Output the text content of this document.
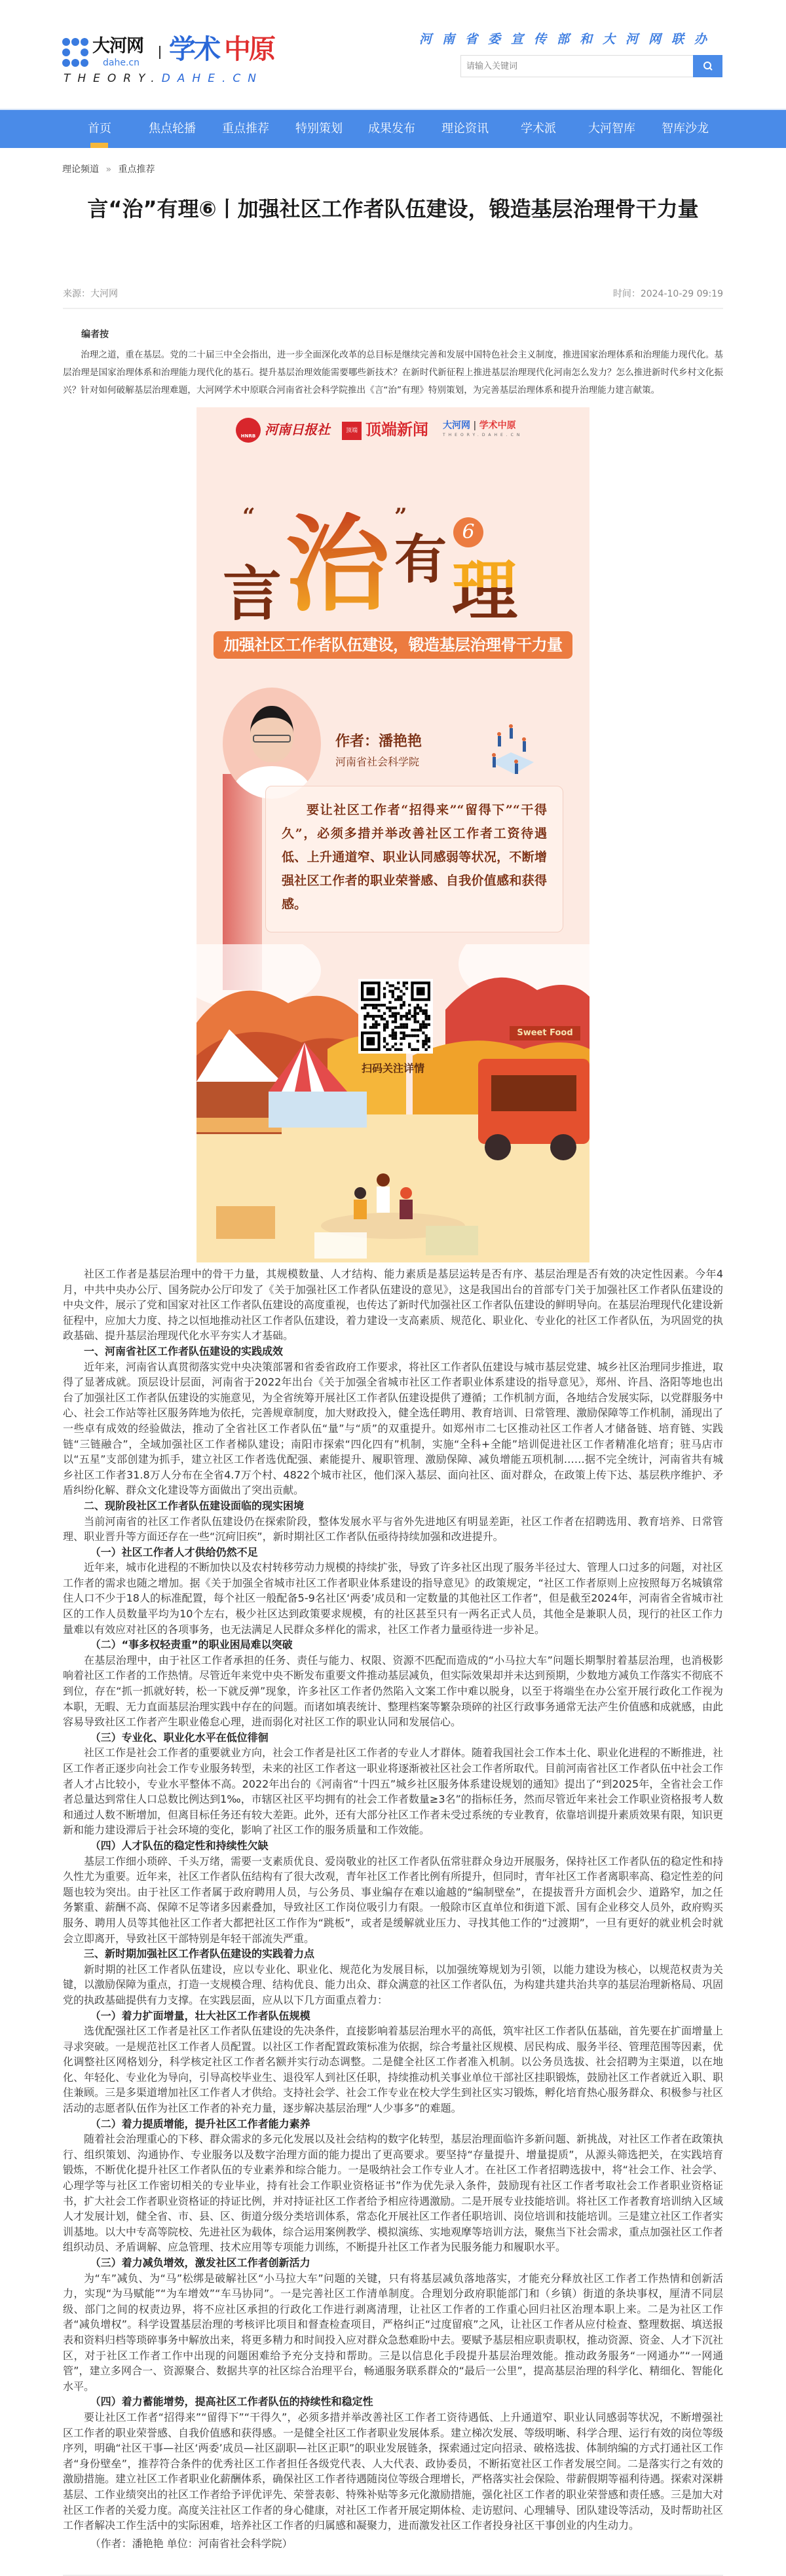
大河网
dahe.cn 学术 中原
THEORY.DAHE.CN
河南省委宣传部和大河网联办
请输入关键词
首页	焦点轮播 重点推荐 特别策划 成果发布 理论资讯	学术派	大河智库 智库沙龙
理论频道 » 重点推荐
言“治”有理⑥丨加强社区工作者队伍建设，锻造基层治理骨干力量
来源：大河网	时间：2024-10-29 09:19
编者按

治理之道，重在基层。党的二十届三中全会指出，进一步全面深化改革的总目标是继续完善和发展中国特色社会主义制度，推进国家治理体系和治理能力现代化。基层治理是国家治理体系和治理能力现代化的基石。提升基层治理效能需要哪些新技术？在新时代新征程上推进基层治理现代化河南怎么发力？怎么推进新时代乡村文化振兴？针对如何破解基层治理难题，大河网学术中原联合河南省社会科学院推出《言“治”有理》特别策划，为完善基层治理体系和提升治理能力建言献策。

HNRB 河南日报社	顶端 顶端新闻 大河网 | 学术中原
THEORY.DAHE.CN
“
言 治 ”
有 6
理
加强社区工作者队伍建设，锻造基层治理骨干力量
作者：潘艳艳
河南省社会科学院
要让社区工作者“招得来”“留得下”“干得久”，必须多措并举改善社区工作者工资待遇低、上升通道窄、职业认同感弱等状况，不断增强社区工作者的职业荣誉感、自我价值感和获得感。
扫码关注详情
Sweet Food

社区工作者是基层治理中的骨干力量，其规模数量、人才结构、能力素质是基层运转是否有序、基层治理是否有效的决定性因素。今年4月，中共中央办公厅、国务院办公厅印发了《关于加强社区工作者队伍建设的意见》，这是我国出台的首部专门关于加强社区工作者队伍建设的中央文件，展示了党和国家对社区工作者队伍建设的高度重视，也传达了新时代加强社区工作者队伍建设的鲜明导向。在基层治理现代化建设新征程中，应加大力度、持之以恒地推动社区工作者队伍建设，着力建设一支高素质、规范化、职业化、专业化的社区工作者队伍，为巩固党的执政基础、提升基层治理现代化水平夯实人才基础。

一、河南省社区工作者队伍建设的实践成效

近年来，河南省认真贯彻落实党中央决策部署和省委省政府工作要求，将社区工作者队伍建设与城市基层党建、城乡社区治理同步推进，取得了显著成就。顶层设计层面，河南省于2022年出台《关于加强全省城市社区工作者职业体系建设的指导意见》，郑州、许昌、洛阳等地也出台了加强社区工作者队伍建设的实施意见，为全省统筹开展社区工作者队伍建设提供了遵循；工作机制方面，各地结合发展实际，以党群服务中心、社会工作站等社区服务阵地为依托，完善规章制度，加大财政投入，健全选任聘用、教育培训、日常管理、激励保障等工作机制，涌现出了一些卓有成效的经验做法，推动了全省社区工作者队伍“量”与“质”的双重提升。如郑州市二七区推动社区工作者人才储备链、培育链、实践链“三链融合”，全域加强社区工作者梯队建设；南阳市探索“四化四有”机制，实施“全科+全能”培训促进社区工作者精准化培育；驻马店市以“五星”支部创建为抓手，建立社区工作者选优配强、素能提升、履职管理、激励保障、减负增能五项机制……据不完全统计，河南省共有城乡社区工作者31.8万人分布在全省4.7万个村、4822个城市社区，他们深入基层、面向社区、面对群众，在政策上传下达、基层秩序维护、矛盾纠纷化解、群众文化建设等方面做出了突出贡献。

二、现阶段社区工作者队伍建设面临的现实困境

当前河南省的社区工作者队伍建设仍在探索阶段，整体发展水平与省外先进地区有明显差距，社区工作者在招聘选用、教育培养、日常管理、职业晋升等方面还存在一些“沉疴旧疾”，新时期社区工作者队伍亟待持续加强和改进提升。

（一）社区工作者人才供给仍然不足

近年来，城市化进程的不断加快以及农村转移劳动力规模的持续扩张，导致了许多社区出现了服务半径过大、管理人口过多的问题，对社区工作者的需求也随之增加。据《关于加强全省城市社区工作者职业体系建设的指导意见》的政策规定，“社区工作者原则上应按照每万名城镇常住人口不少于18人的标准配置，每个社区一般配备5-9名社区‘两委’成员和一定数量的其他社区工作者”，但是截至2024年，河南省全省城市社区的工作人员数量平均为10个左右，极少社区达到政策要求规模，有的社区甚至只有一两名正式人员，其他全是兼职人员，现行的社区工作力量难以有效应对社区的各项事务，也无法满足人民群众多样化的需求，社区工作者力量亟待进一步补足。

（二）“事多权轻责重”的职业困局难以突破

在基层治理中，由于社区工作者承担的任务、责任与能力、权限、资源不匹配而造成的“小马拉大车”问题长期掣肘着基层治理，也消极影响着社区工作者的工作热情。尽管近年来党中央不断发布重要文件推动基层减负，但实际效果却并未达到预期，少数地方减负工作落实不彻底不到位，存在“抓一抓就好转，松一下就反弹”现象，许多社区工作者仍然陷入文案工作中难以脱身，以至于将端坐在办公室开展行政化工作视为本职，无暇、无力直面基层治理实践中存在的问题。而诸如填表统计、整理档案等繁杂琐碎的社区行政事务通常无法产生价值感和成就感，由此容易导致社区工作者产生职业倦怠心理，进而弱化对社区工作的职业认同和发展信心。

（三）专业化、职业化水平在低位徘徊

社区工作是社会工作者的重要就业方向，社会工作者是社区工作者的专业人才群体。随着我国社会工作本土化、职业化进程的不断推进，社区工作者正逐步向社会工作专业服务转型，未来的社区工作者这一职业将逐渐被社区社会工作者所取代。目前河南省社区工作者队伍中社会工作者人才占比较小，专业水平整体不高。2022年出台的《河南省“十四五”城乡社区服务体系建设规划的通知》提出了“到2025年，全省社会工作者总量达到常住人口总数比例达到1‰，市辖区社区平均拥有的社会工作者数量≥3名”的指标任务，然而尽管近年来社会工作职业资格报考人数和通过人数不断增加，但离目标任务还有较大差距。此外，还有大部分社区工作者未受过系统的专业教育，依靠培训提升素质效果有限，知识更新和能力建设滞后于社会环境的变化，影响了社区工作的服务质量和工作效能。

（四）人才队伍的稳定性和持续性欠缺

基层工作细小琐碎、千头万绪，需要一支素质优良、爱岗敬业的社区工作者队伍常驻群众身边开展服务，保持社区工作者队伍的稳定性和持久性尤为重要。近年来，社区工作者队伍结构有了很大改观，青年社区工作者比例有所提升，但同时，青年社区工作者离职率高、稳定性差的问题也较为突出。由于社区工作者属于政府聘用人员，与公务员、事业编存在难以逾越的“编制壁垒”，在提拔晋升方面机会少、道路窄，加之任务繁重、薪酬不高、保障不足等诸多因素叠加，导致社区工作岗位吸引力有限。一般除市区直单位和街道下派、国有企业移交人员外，政府购买服务、聘用人员等其他社区工作者大都把社区工作作为“跳板”，或者是缓解就业压力、寻找其他工作的“过渡期”，一旦有更好的就业机会时就会立即离开，导致社区干部特别是年轻干部流失严重。

三、新时期加强社区工作者队伍建设的实践着力点

新时期的社区工作者队伍建设，应以专业化、职业化、规范化为发展目标，以加强统筹规划为引领，以能力建设为核心，以规范权责为关键，以激励保障为重点，打造一支规模合理、结构优良、能力出众、群众满意的社区工作者队伍，为构建共建共治共享的基层治理新格局、巩固党的执政基础提供有力支撑。在实践层面，应从以下几方面重点着力：

（一）着力扩面增量，壮大社区工作者队伍规模

选优配强社区工作者是社区工作者队伍建设的先决条件，直接影响着基层治理水平的高低，筑牢社区工作者队伍基础，首先要在扩面增量上寻求突破。一是规范社区工作者人员配置。以社区工作者配置政策标准为依据，综合考量社区规模、居民构成、服务半径、管理范围等因素，优化调整社区网格划分，科学核定社区工作者名额并实行动态调整。二是健全社区工作者准入机制。以公务员选拔、社会招聘为主渠道，以在地化、年轻化、专业化为导向，引导高校毕业生、退役军人到社区任职，持续推动机关事业单位干部社区挂职锻炼，鼓励社区工作者就近入职、职住兼顾。三是多渠道增加社区工作者人才供给。支持社会学、社会工作专业在校大学生到社区实习锻炼，孵化培育热心服务群众、积极参与社区活动的志愿者队伍作为社区工作者的补充力量，逐步解决基层治理“人少事多”的难题。

（二）着力提质增能，提升社区工作者能力素养

随着社会治理重心的下移、群众需求的多元化发展以及社会结构的数字化转型，基层治理面临许多新问题、新挑战，对社区工作者在政策执行、组织策划、沟通协作、专业服务以及数字治理方面的能力提出了更高要求。要坚持“存量提升、增量提质”，从源头筛选把关，在实践培育锻炼，不断优化提升社区工作者队伍的专业素养和综合能力。一是吸纳社会工作专业人才。在社区工作者招聘选拔中，将“社会工作、社会学、心理学等与社区工作密切相关的专业毕业，持有社会工作职业资格证书”作为优先录入条件，鼓励现有社区工作者考取社会工作者职业资格证书，扩大社会工作者职业资格证的持证比例，并对持证社区工作者给予相应待遇激励。二是开展专业技能培训。将社区工作者教育培训纳入区域人才发展计划，健全省、市、县、区、街道分级分类培训体系，常态化开展社区工作者任职培训、岗位培训和技能培训。三是建立社区工作者实训基地。以大中专高等院校、先进社区为载体，综合运用案例教学、模拟演练、实地观摩等培训方法，聚焦当下社会需求，重点加强社区工作者组织动员、矛盾调解、应急管理、技术应用等专项能力训练，不断提升社区工作者为民服务能力和履职水平。

（三）着力减负增效，激发社区工作者创新活力

为“车”减负、为“马”松绑是破解社区“小马拉大车”问题的关键，只有将基层减负落地落实，才能充分释放社区工作者工作热情和创新活力，实现“为马赋能”“为车增效”“车马协同”。一是完善社区工作清单制度。合理划分政府职能部门和（乡镇）街道的条块事权，厘清不同层级、部门之间的权责边界，将不应社区承担的行政化工作进行剥离清理，让社区工作者的工作重心回归社区治理本职上来。二是为社区工作者“减负增权”。科学设置基层治理的考核评比项目和督查检查项目，严格纠正“过度留痕”之风，让社区工作者从应付检查、整理数据、填送报表和资料归档等琐碎事务中解放出来，将更多精力和时间投入应对群众急愁难盼中去。要赋予基层相应职责职权，推动资源、资金、人才下沉社区，对于社区工作者工作中出现的问题困难给予充分支持和帮助。三是以信息化手段提升基层治理效能。推动政务服务“一网通办”“一网通管”，建立多网合一、资源聚合、数据共享的社区综合治理平台，畅通服务联系群众的“最后一公里”，提高基层治理的科学化、精细化、智能化水平。

（四）着力蓄能增势，提高社区工作者队伍的持续性和稳定性

要让社区工作者“招得来”“留得下”“干得久”，必须多措并举改善社区工作者工资待遇低、上升通道窄、职业认同感弱等状况，不断增强社区工作者的职业荣誉感、自我价值感和获得感。一是健全社区工作者职业发展体系。建立梯次发展、等级明晰、科学合理、运行有效的岗位等级序列，明确“社区干事—社区‘两委’成员—社区副职—社区正职”的职业发展链条，探索通过定向招录、破格选拔、体制纳编的方式打通社区工作者“身份壁垒”，推荐符合条件的优秀社区工作者担任各级党代表、人大代表、政协委员，不断拓宽社区工作者发展空间。二是落实行之有效的激励措施。建立社区工作者职业化薪酬体系，确保社区工作者待遇随岗位等级合理增长，严格落实社会保险、带薪假期等福利待遇。探索对深耕基层、工作业绩突出的社区工作者给予评优评先、荣誉表彰、特殊补贴等多元化激励措施，强化社区工作者的职业荣誉感和责任感。三是加大对社区工作者的关爱力度。高度关注社区工作者的身心健康，对社区工作者开展定期体检、走访慰问、心理辅导、团队建设等活动，及时帮助社区工作者解决工作生活中的实际困难，培养社区工作者的归属感和凝聚力，进而激发社区工作者投身社区干事创业的内生动力。

（作者：潘艳艳 单位：河南省社会科学院）
